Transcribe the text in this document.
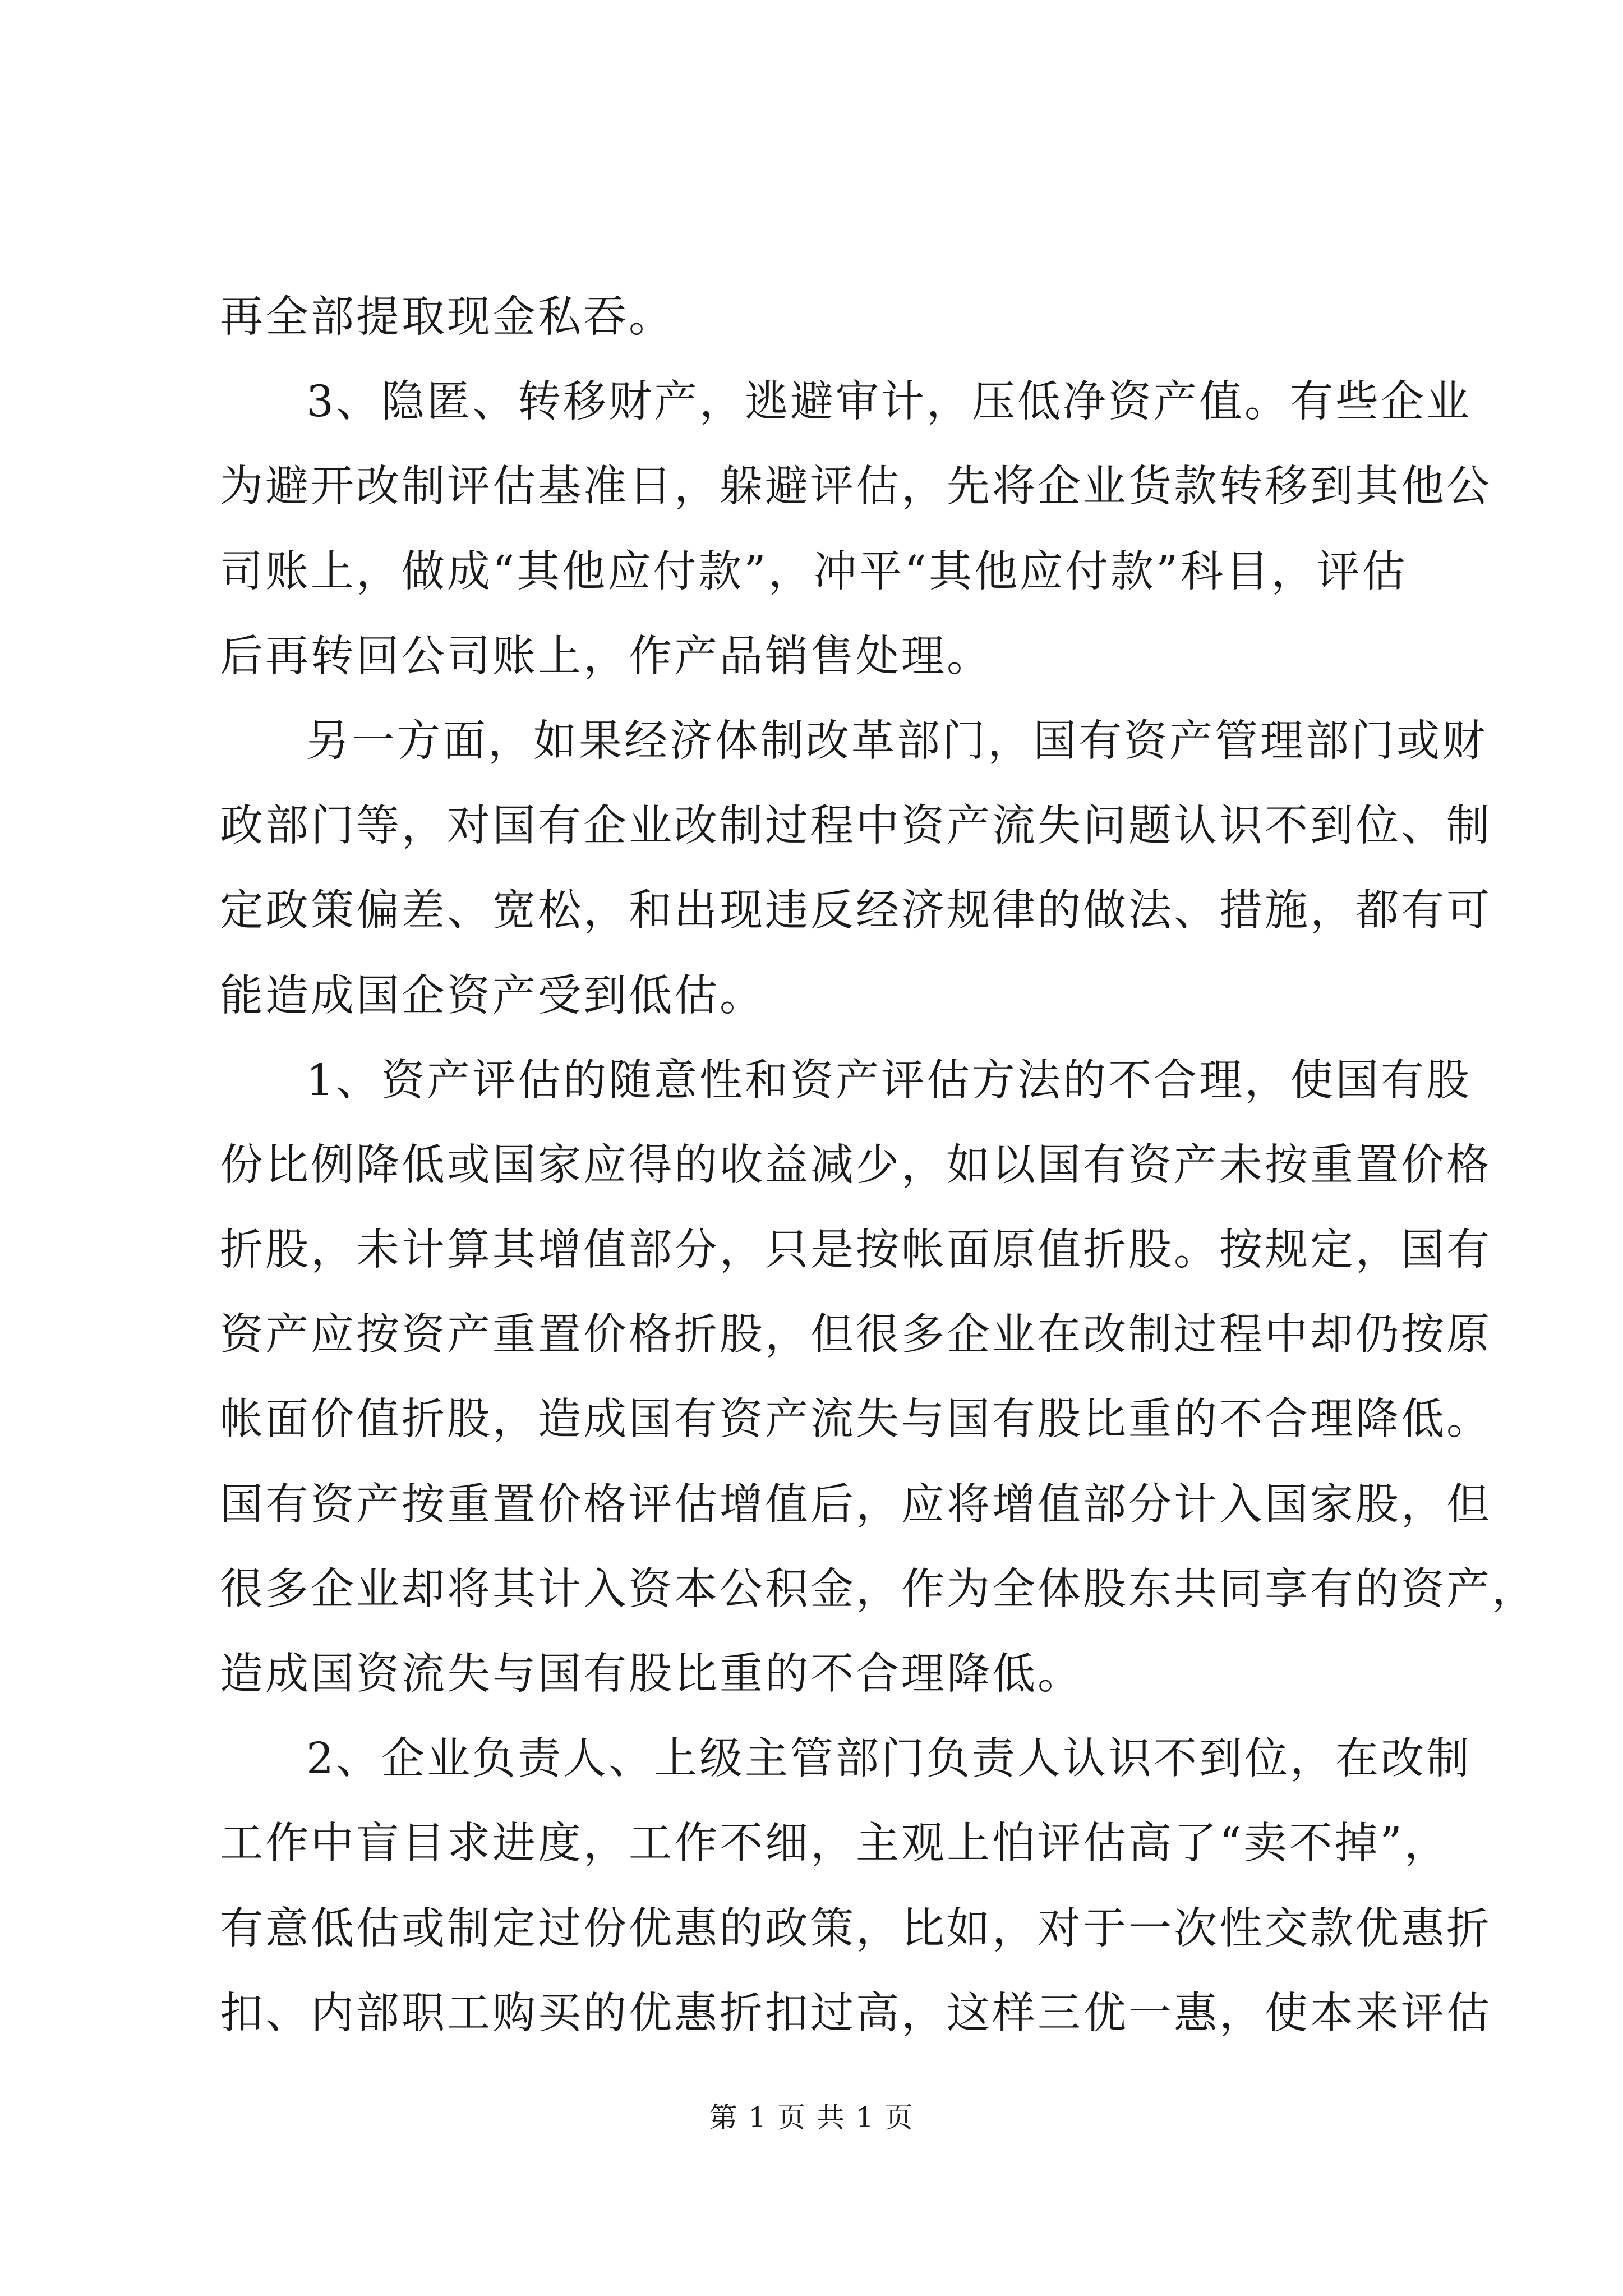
再全部提取现金私吞。
3、隐匿、转移财产，逃避审计，压低净资产值。有些企业
为避开改制评估基准日，躲避评估，先将企业货款转移到其他公
司账上，做成“其他应付款”，冲平“其他应付款”科目，评估
后再转回公司账上，作产品销售处理。
另一方面，如果经济体制改革部门，国有资产管理部门或财
政部门等，对国有企业改制过程中资产流失问题认识不到位、制
定政策偏差、宽松，和出现违反经济规律的做法、措施，都有可
能造成国企资产受到低估。
1、资产评估的随意性和资产评估方法的不合理，使国有股
份比例降低或国家应得的收益减少，如以国有资产未按重置价格
折股，未计算其增值部分，只是按帐面原值折股。按规定，国有
资产应按资产重置价格折股，但很多企业在改制过程中却仍按原
帐面价值折股，造成国有资产流失与国有股比重的不合理降低。
国有资产按重置价格评估增值后，应将增值部分计入国家股，但
很多企业却将其计入资本公积金，作为全体股东共同享有的资产，
造成国资流失与国有股比重的不合理降低。
2、企业负责人、上级主管部门负责人认识不到位，在改制
工作中盲目求进度，工作不细，主观上怕评估高了“卖不掉”，
有意低估或制定过份优惠的政策，比如，对于一次性交款优惠折
扣、内部职工购买的优惠折扣过高，这样三优一惠，使本来评估
第 1 页 共 1 页
